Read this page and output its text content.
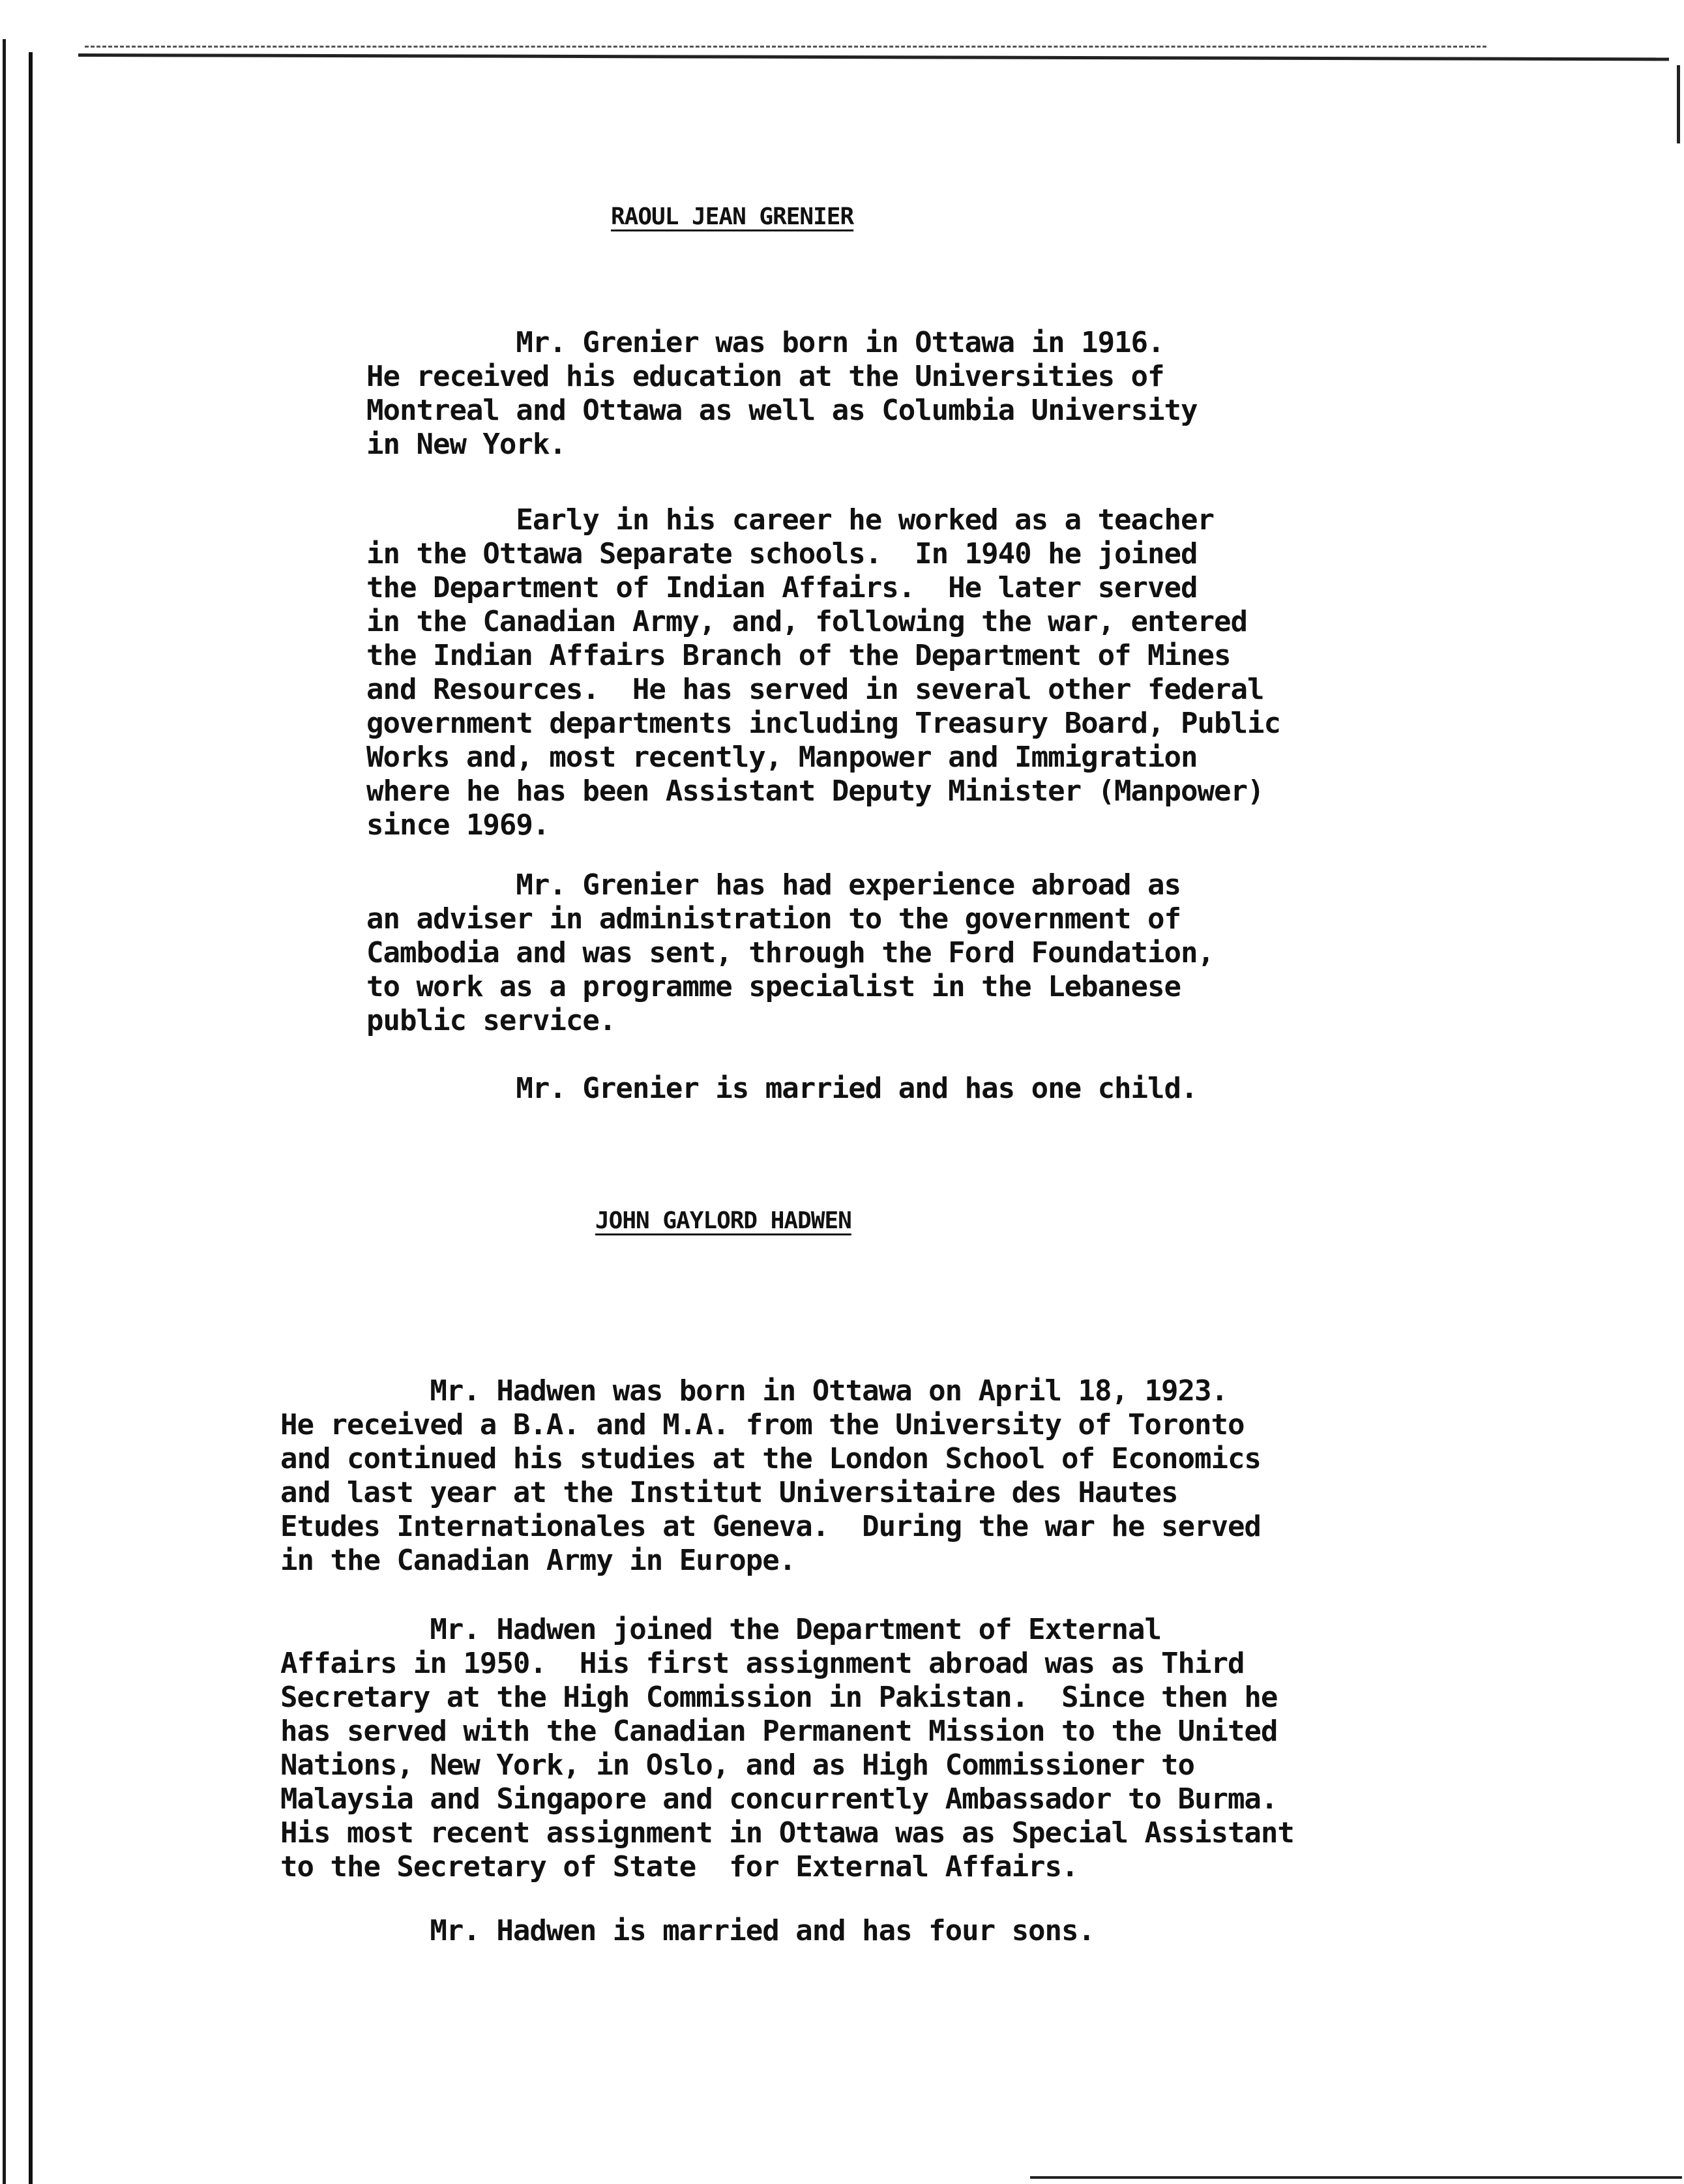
RAOUL JEAN GRENIER
Mr. Grenier was born in Ottawa in 1916.
He received his education at the Universities of
Montreal and Ottawa as well as Columbia University
in New York.
Early in his career he worked as a teacher
in the Ottawa Separate schools.  In 1940 he joined
the Department of Indian Affairs.  He later served
in the Canadian Army, and, following the war, entered
the Indian Affairs Branch of the Department of Mines
and Resources.  He has served in several other federal
government departments including Treasury Board, Public
Works and, most recently, Manpower and Immigration
where he has been Assistant Deputy Minister (Manpower)
since 1969.
Mr. Grenier has had experience abroad as
an adviser in administration to the government of
Cambodia and was sent, through the Ford Foundation,
to work as a programme specialist in the Lebanese
public service.
Mr. Grenier is married and has one child.
JOHN GAYLORD HADWEN
Mr. Hadwen was born in Ottawa on April 18, 1923.
He received a B.A. and M.A. from the University of Toronto
and continued his studies at the London School of Economics
and last year at the Institut Universitaire des Hautes
Etudes Internationales at Geneva.  During the war he served
in the Canadian Army in Europe.
Mr. Hadwen joined the Department of External
Affairs in 1950.  His first assignment abroad was as Third
Secretary at the High Commission in Pakistan.  Since then he
has served with the Canadian Permanent Mission to the United
Nations, New York, in Oslo, and as High Commissioner to
Malaysia and Singapore and concurrently Ambassador to Burma.
His most recent assignment in Ottawa was as Special Assistant
to the Secretary of State  for External Affairs.
Mr. Hadwen is married and has four sons.
